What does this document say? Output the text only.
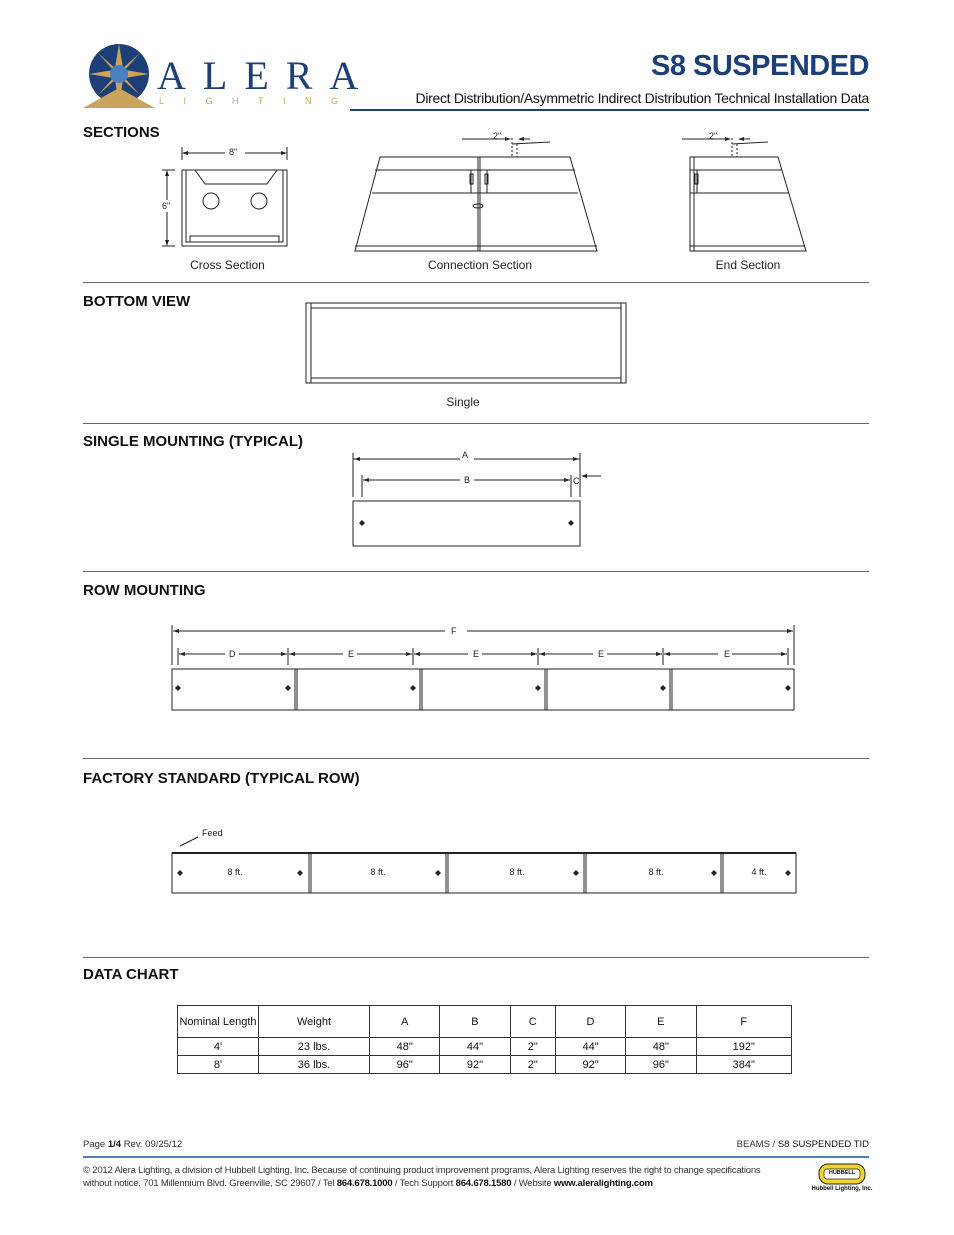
ALERA
LIGHTING
S8 SUSPENDED
Direct Distribution/Asymmetric Indirect Distribution Technical Installation Data
SECTIONS
8"
6"
Cross Section
2"
Connection Section
2"
End Section
BOTTOM VIEW
Single
SINGLE MOUNTING (TYPICAL)
A
B	C
ROW MOUNTING
F
D	E	E	E	E
FACTORY STANDARD (TYPICAL ROW)
Feed
8 ft.	8 ft.	8 ft.	8 ft.	4 ft.
DATA CHART
Nominal Length	Weight	A	B	C	D	E	F
4'	23 lbs.	48"	44"	2"	44"	48"	192"
8'	36 lbs.	96"	92"	2"	92"	96"	384"
Page 1/4 Rev. 09/25/12	BEAMS / S8 SUSPENDED TID
© 2012 Alera Lighting, a division of Hubbell Lighting, Inc. Because of continuing product improvement programs, Alera Lighting reserves the right to change specifications
without notice. 701 Millennium Blvd. Greenville, SC 29607 / Tel 864.678.1000 / Tech Support 864.678.1580 / Website www.aleralighting.com
HUBBELL
Hubbell Lighting, Inc.
